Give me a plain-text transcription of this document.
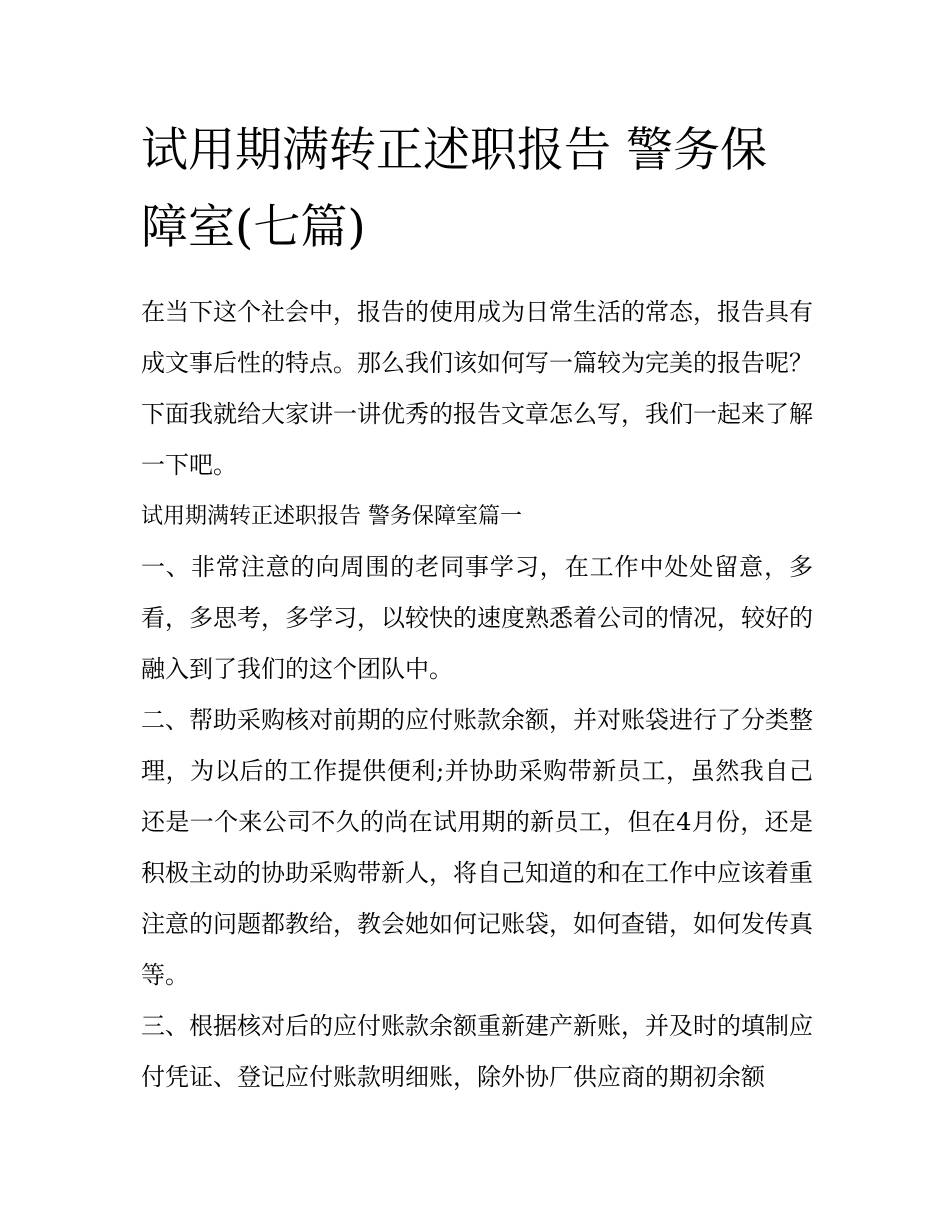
试用期满转正述职报告 警务保障室(七篇)

在当下这个社会中，报告的使用成为日常生活的常态，报告具有成文事后性的特点。那么我们该如何写一篇较为完美的报告呢？下面我就给大家讲一讲优秀的报告文章怎么写，我们一起来了解一下吧。

试用期满转正述职报告 警务保障室篇一

一、非常注意的向周围的老同事学习，在工作中处处留意，多看，多思考，多学习，以较快的速度熟悉着公司的情况，较好的融入到了我们的这个团队中。

二、帮助采购核对前期的应付账款余额，并对账袋进行了分类整理，为以后的工作提供便利;并协助采购带新员工，虽然我自己还是一个来公司不久的尚在试用期的新员工，但在4月份，还是积极主动的协助采购带新人，将自己知道的和在工作中应该着重注意的问题都教给，教会她如何记账袋，如何查错，如何发传真等。

三、根据核对后的应付账款余额重新建产新账，并及时的填制应付凭证、登记应付账款明细账，除外协厂供应商的期初余额
